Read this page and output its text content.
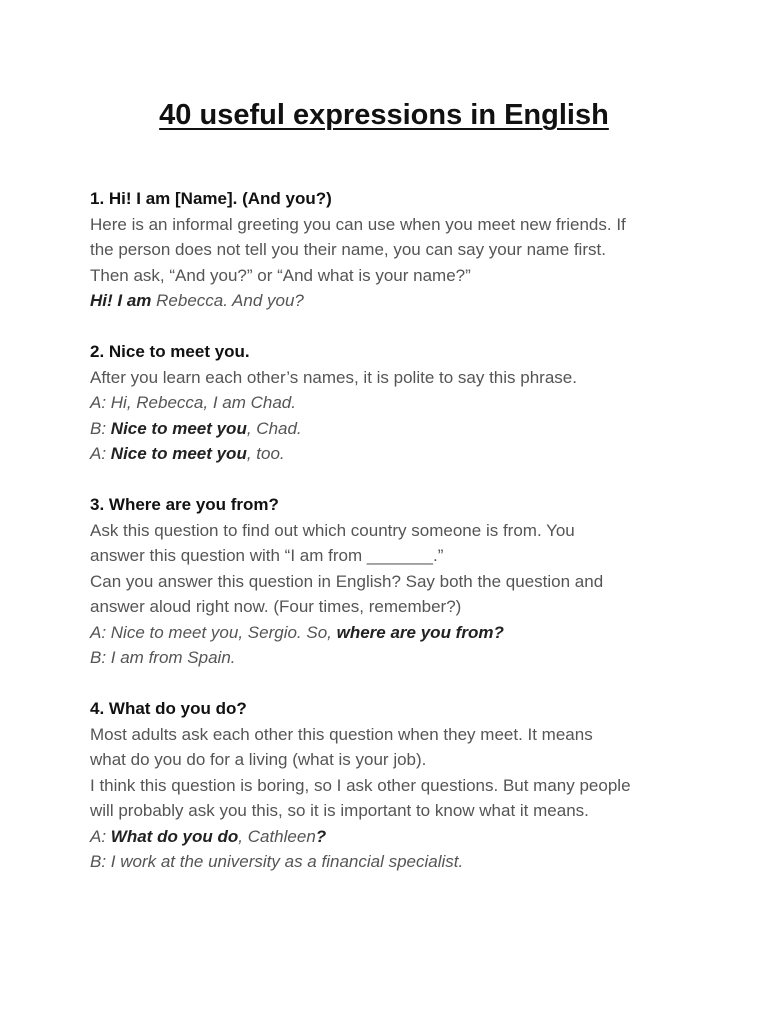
40 useful expressions in English
1. Hi! I am [Name]. (And you?)
Here is an informal greeting you can use when you meet new friends. If
the person does not tell you their name, you can say your name first.
Then ask, “And you?” or “And what is your name?”
Hi! I am Rebecca. And you?
2. Nice to meet you.
After you learn each other’s names, it is polite to say this phrase.
A: Hi, Rebecca, I am Chad.
B: Nice to meet you, Chad.
A: Nice to meet you, too.
3. Where are you from?
Ask this question to find out which country someone is from. You
answer this question with “I am from _______.”
Can you answer this question in English? Say both the question and
answer aloud right now. (Four times, remember?)
A: Nice to meet you, Sergio. So, where are you from?
B: I am from Spain.
4. What do you do?
Most adults ask each other this question when they meet. It means
what do you do for a living (what is your job).
I think this question is boring, so I ask other questions. But many people
will probably ask you this, so it is important to know what it means.
A: What do you do, Cathleen?
B: I work at the university as a financial specialist.
